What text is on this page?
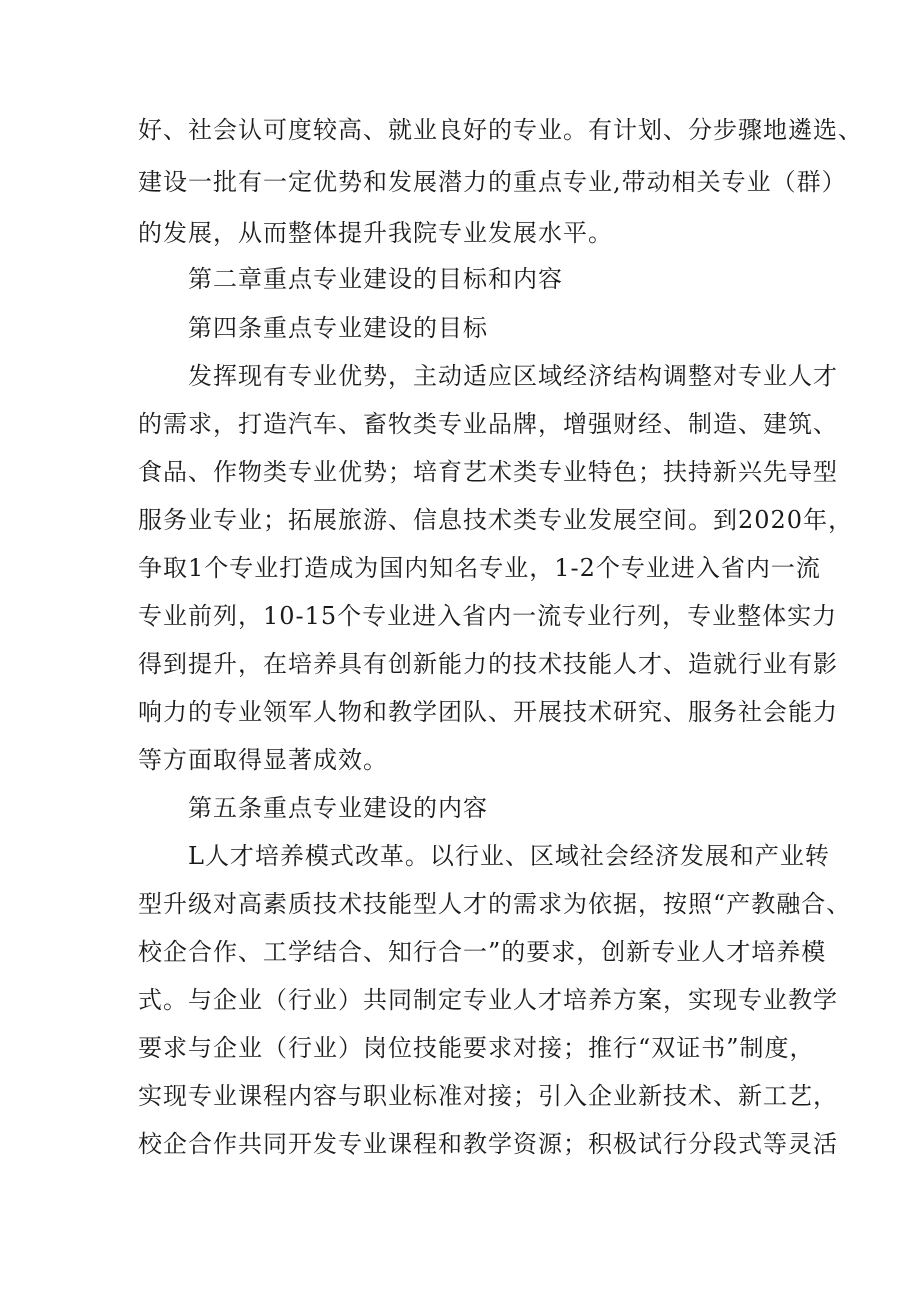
好、社会认可度较高、就业良好的专业。有计划、分步骤地遴选、
建设一批有一定优势和发展潜力的重点专业,带动相关专业（群）
的发展，从而整体提升我院专业发展水平。
第二章重点专业建设的目标和内容
第四条重点专业建设的目标
发挥现有专业优势，主动适应区域经济结构调整对专业人才
的需求，打造汽车、畜牧类专业品牌，增强财经、制造、建筑、
食品、作物类专业优势；培育艺术类专业特色；扶持新兴先导型
服务业专业；拓展旅游、信息技术类专业发展空间。到2020年，
争取1个专业打造成为国内知名专业，1-2个专业进入省内一流
专业前列，10-15个专业进入省内一流专业行列，专业整体实力
得到提升，在培养具有创新能力的技术技能人才、造就行业有影
响力的专业领军人物和教学团队、开展技术研究、服务社会能力
等方面取得显著成效。
第五条重点专业建设的内容
L人才培养模式改革。以行业、区域社会经济发展和产业转
型升级对高素质技术技能型人才的需求为依据，按照“产教融合、
校企合作、工学结合、知行合一”的要求，创新专业人才培养模
式。与企业（行业）共同制定专业人才培养方案，实现专业教学
要求与企业（行业）岗位技能要求对接；推行“双证书”制度，
实现专业课程内容与职业标准对接；引入企业新技术、新工艺，
校企合作共同开发专业课程和教学资源；积极试行分段式等灵活
